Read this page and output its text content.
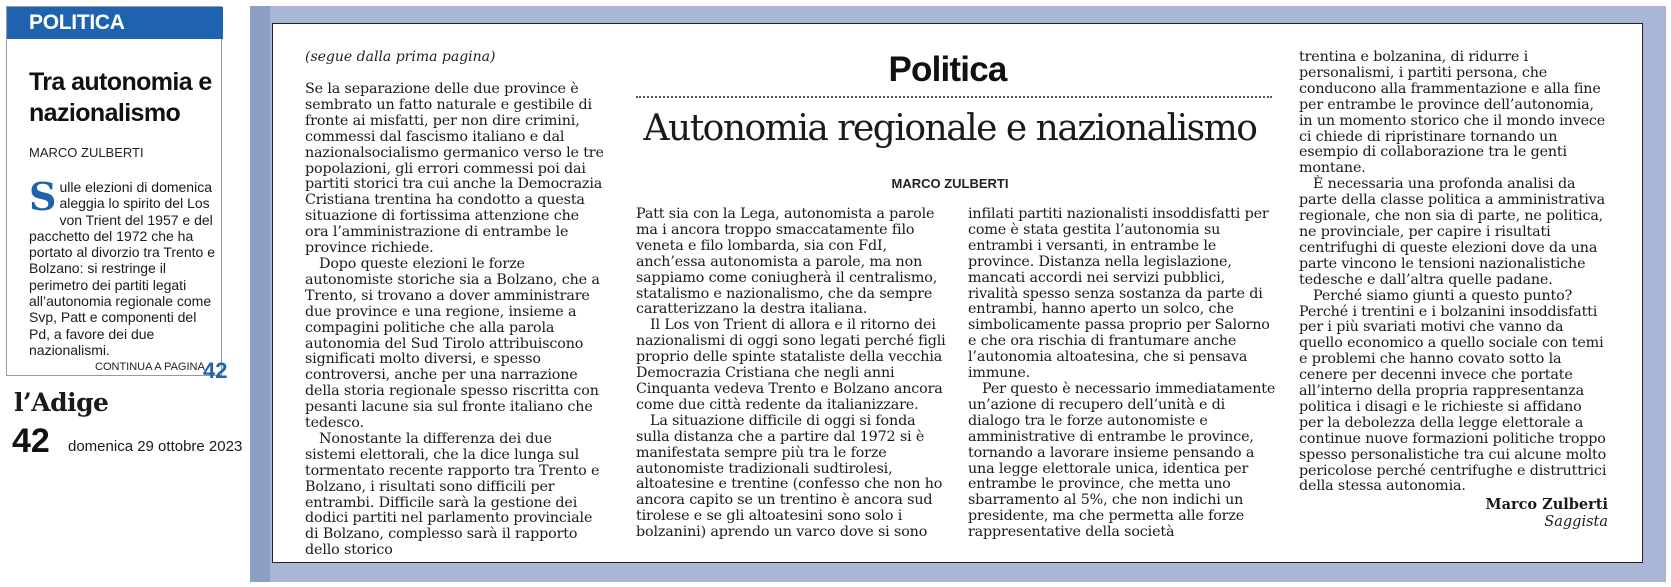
POLITICA
Tra autonomia e nazionalismo
MARCO ZULBERTI

Sulle elezioni di domenica aleggia lo spirito del Los von Trient del 1957 e del pacchetto del 1972 che ha portato al divorzio tra Trento e Bolzano: si restringe il perimetro dei partiti legati all’autonomia regionale come Svp, Patt e componenti del Pd, a favore dei due nazionalismi.

CONTINUA A PAGINA
42
l’Adige
42 domenica 29 ottobre 2023
(segue dalla prima pagina)

Se la separazione delle due province è sembrato un fatto naturale e gestibile di fronte ai misfatti, per non dire crimini, commessi dal fascismo italiano e dal nazionalsocialismo germanico verso le tre popolazioni, gli errori commessi poi dai partiti storici tra cui anche la Democrazia Cristiana trentina ha condotto a questa situazione di fortissima attenzione che ora l’amministrazione di entrambe le province richiede.

Dopo queste elezioni le forze autonomiste storiche sia a Bolzano, che a Trento, si trovano a dover amministrare due province e una regione, insieme a compagini politiche che alla parola autonomia del Sud Tirolo attribuiscono significati molto diversi, e spesso controversi, anche per una narrazione della storia regionale spesso riscritta con pesanti lacune sia sul fronte italiano che tedesco.

Nonostante la differenza dei due sistemi elettorali, che la dice lunga sul tormentato recente rapporto tra Trento e Bolzano, i risultati sono difficili per entrambi. Difficile sarà la gestione dei dodici partiti nel parlamento provinciale di Bolzano, complesso sarà il rapporto dello storico

Politica
Autonomia regionale e nazionalismo
MARCO ZULBERTI

Patt sia con la Lega, autonomista a parole ma i ancora troppo smaccatamente filo veneta e filo lombarda, sia con FdI, anch’essa autonomista a parole, ma non sappiamo come coniugherà il centralismo, statalismo e nazionalismo, che da sempre caratterizzano la destra italiana.

Il Los von Trient di allora e il ritorno dei nazionalismi di oggi sono legati perché figli proprio delle spinte stataliste della vecchia Democrazia Cristiana che negli anni Cinquanta vedeva Trento e Bolzano ancora come due città redente da italianizzare.

La situazione difficile di oggi si fonda sulla distanza che a partire dal 1972 si è manifestata sempre più tra le forze autonomiste tradizionali sudtirolesi, altoatesine e trentine (confesso che non ho ancora capito se un trentino è ancora sud tirolese e se gli altoatesini sono solo i bolzanini) aprendo un varco dove si sono

infilati partiti nazionalisti insoddisfatti per come è stata gestita l’autonomia su entrambi i versanti, in entrambe le province. Distanza nella legislazione, mancati accordi nei servizi pubblici, rivalità spesso senza sostanza da parte di entrambi, hanno aperto un solco, che simbolicamente passa proprio per Salorno e che ora rischia di frantumare anche l’autonomia altoatesina, che si pensava immune.

Per questo è necessario immediatamente un’azione di recupero dell’unità e di dialogo tra le forze autonomiste e amministrative di entrambe le province, tornando a lavorare insieme pensando a una legge elettorale unica, identica per entrambe le province, che metta uno sbarramento al 5%, che non indichi un presidente, ma che permetta alle forze rappresentative della società

trentina e bolzanina, di ridurre i personalismi, i partiti persona, che conducono alla frammentazione e alla fine per entrambe le province dell’autonomia, in un momento storico che il mondo invece ci chiede di ripristinare tornando un esempio di collaborazione tra le genti montane.

È necessaria una profonda analisi da parte della classe politica a amministrativa regionale, che non sia di parte, ne politica, ne provinciale, per capire i risultati centrifughi di queste elezioni dove da una parte vincono le tensioni nazionalistiche tedesche e dall’altra quelle padane.

Perché siamo giunti a questo punto? Perché i trentini e i bolzanini insoddisfatti per i più svariati motivi che vanno da quello economico a quello sociale con temi e problemi che hanno covato sotto la cenere per decenni invece che portate all’interno della propria rappresentanza politica i disagi e le richieste si affidano per la debolezza della legge elettorale a continue nuove formazioni politiche troppo spesso personalistiche tra cui alcune molto pericolose perché centrifughe e distruttrici della stessa autonomia.

Marco Zulberti
Saggista
